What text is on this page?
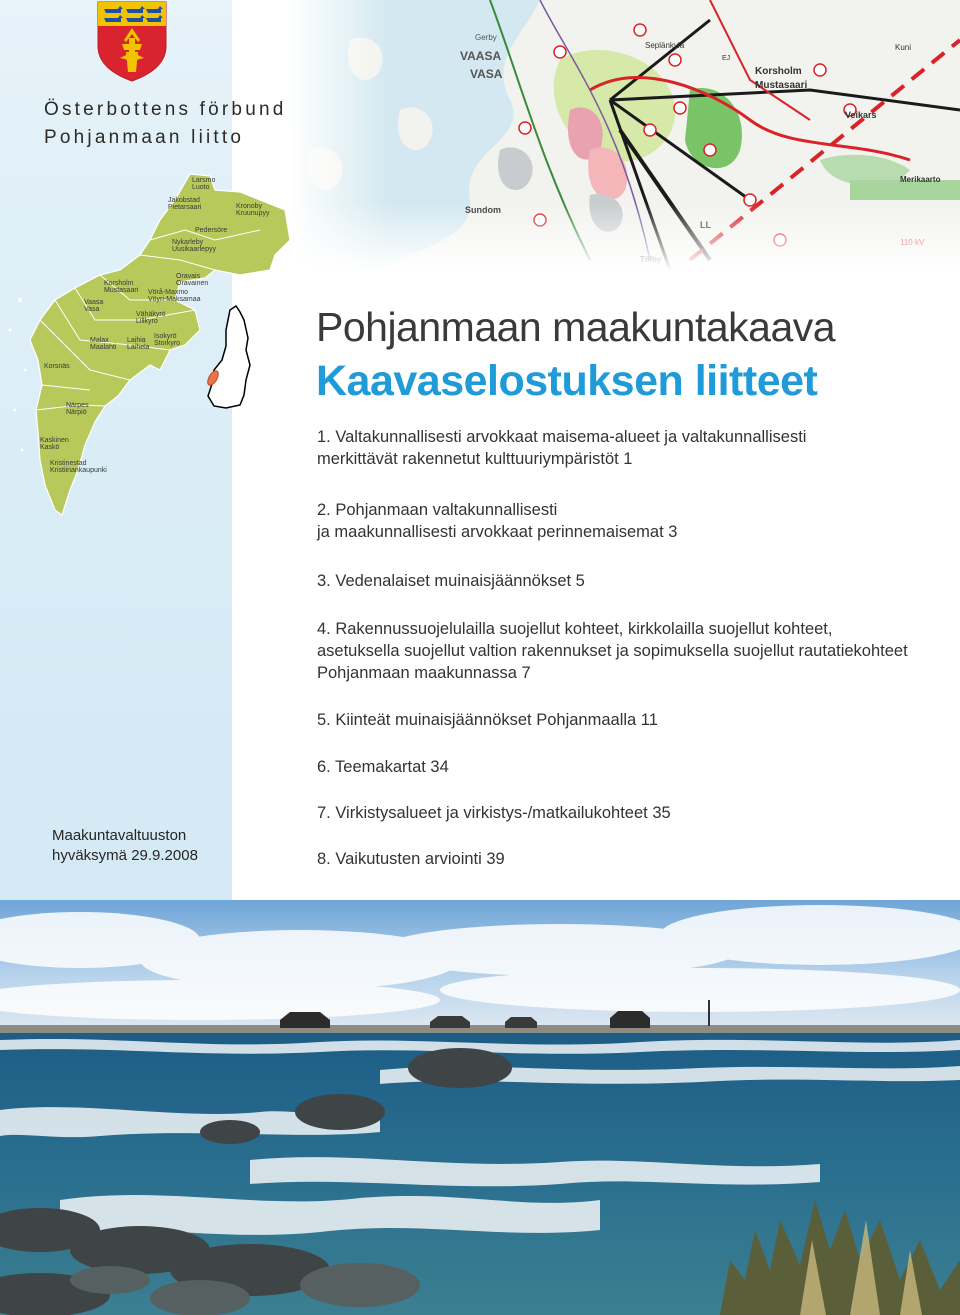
Österbottens förbund
Pohjanmaan liitto
Larsmo
Luoto
Jakobstad
Pietarsaari	Kronoby
Kruunupyy
Pedersöre
Nykarleby
Uusikaarlepyy
Oravais
Oravainen
Korsholm
Mustasaari Vörå-Maxmo
Vöyri-Maksamaa
Vaasa
Vasa
Vähäkyrö
Lillkyro
Malax
Maalahti
Laihia
Laihela
Isokyrö
Storkyro
Korsnäs
Närpes
Närpiö
Kaskinen
Kaskö
Kristinestad
Kristiinankaupunki
Pohjanmaan maakuntakaava
Kaavaselostuksen liitteet
1. Valtakunnallisesti arvokkaat maisema-alueet ja valtakunnallisesti
merkittävät rakennetut kulttuuriympäristöt 1
2. Pohjanmaan valtakunnallisesti
ja maakunnallisesti arvokkaat perinnemaisemat 3
3. Vedenalaiset muinaisjäännökset 5
4. Rakennussuojelulailla suojellut kohteet, kirkkolailla suojellut kohteet,
asetuksella suojellut valtion rakennukset ja sopimuksella suojellut rautatiekohteet
Pohjanmaan maakunnassa 7
5. Kiinteät muinaisjäännökset Pohjanmaalla 11
6. Teemakartat 34
7. Virkistysalueet ja virkistys-/matkailukohteet 35
8. Vaikutusten arviointi 39
Maakuntavaltuuston
hyväksymä 29.9.2008
